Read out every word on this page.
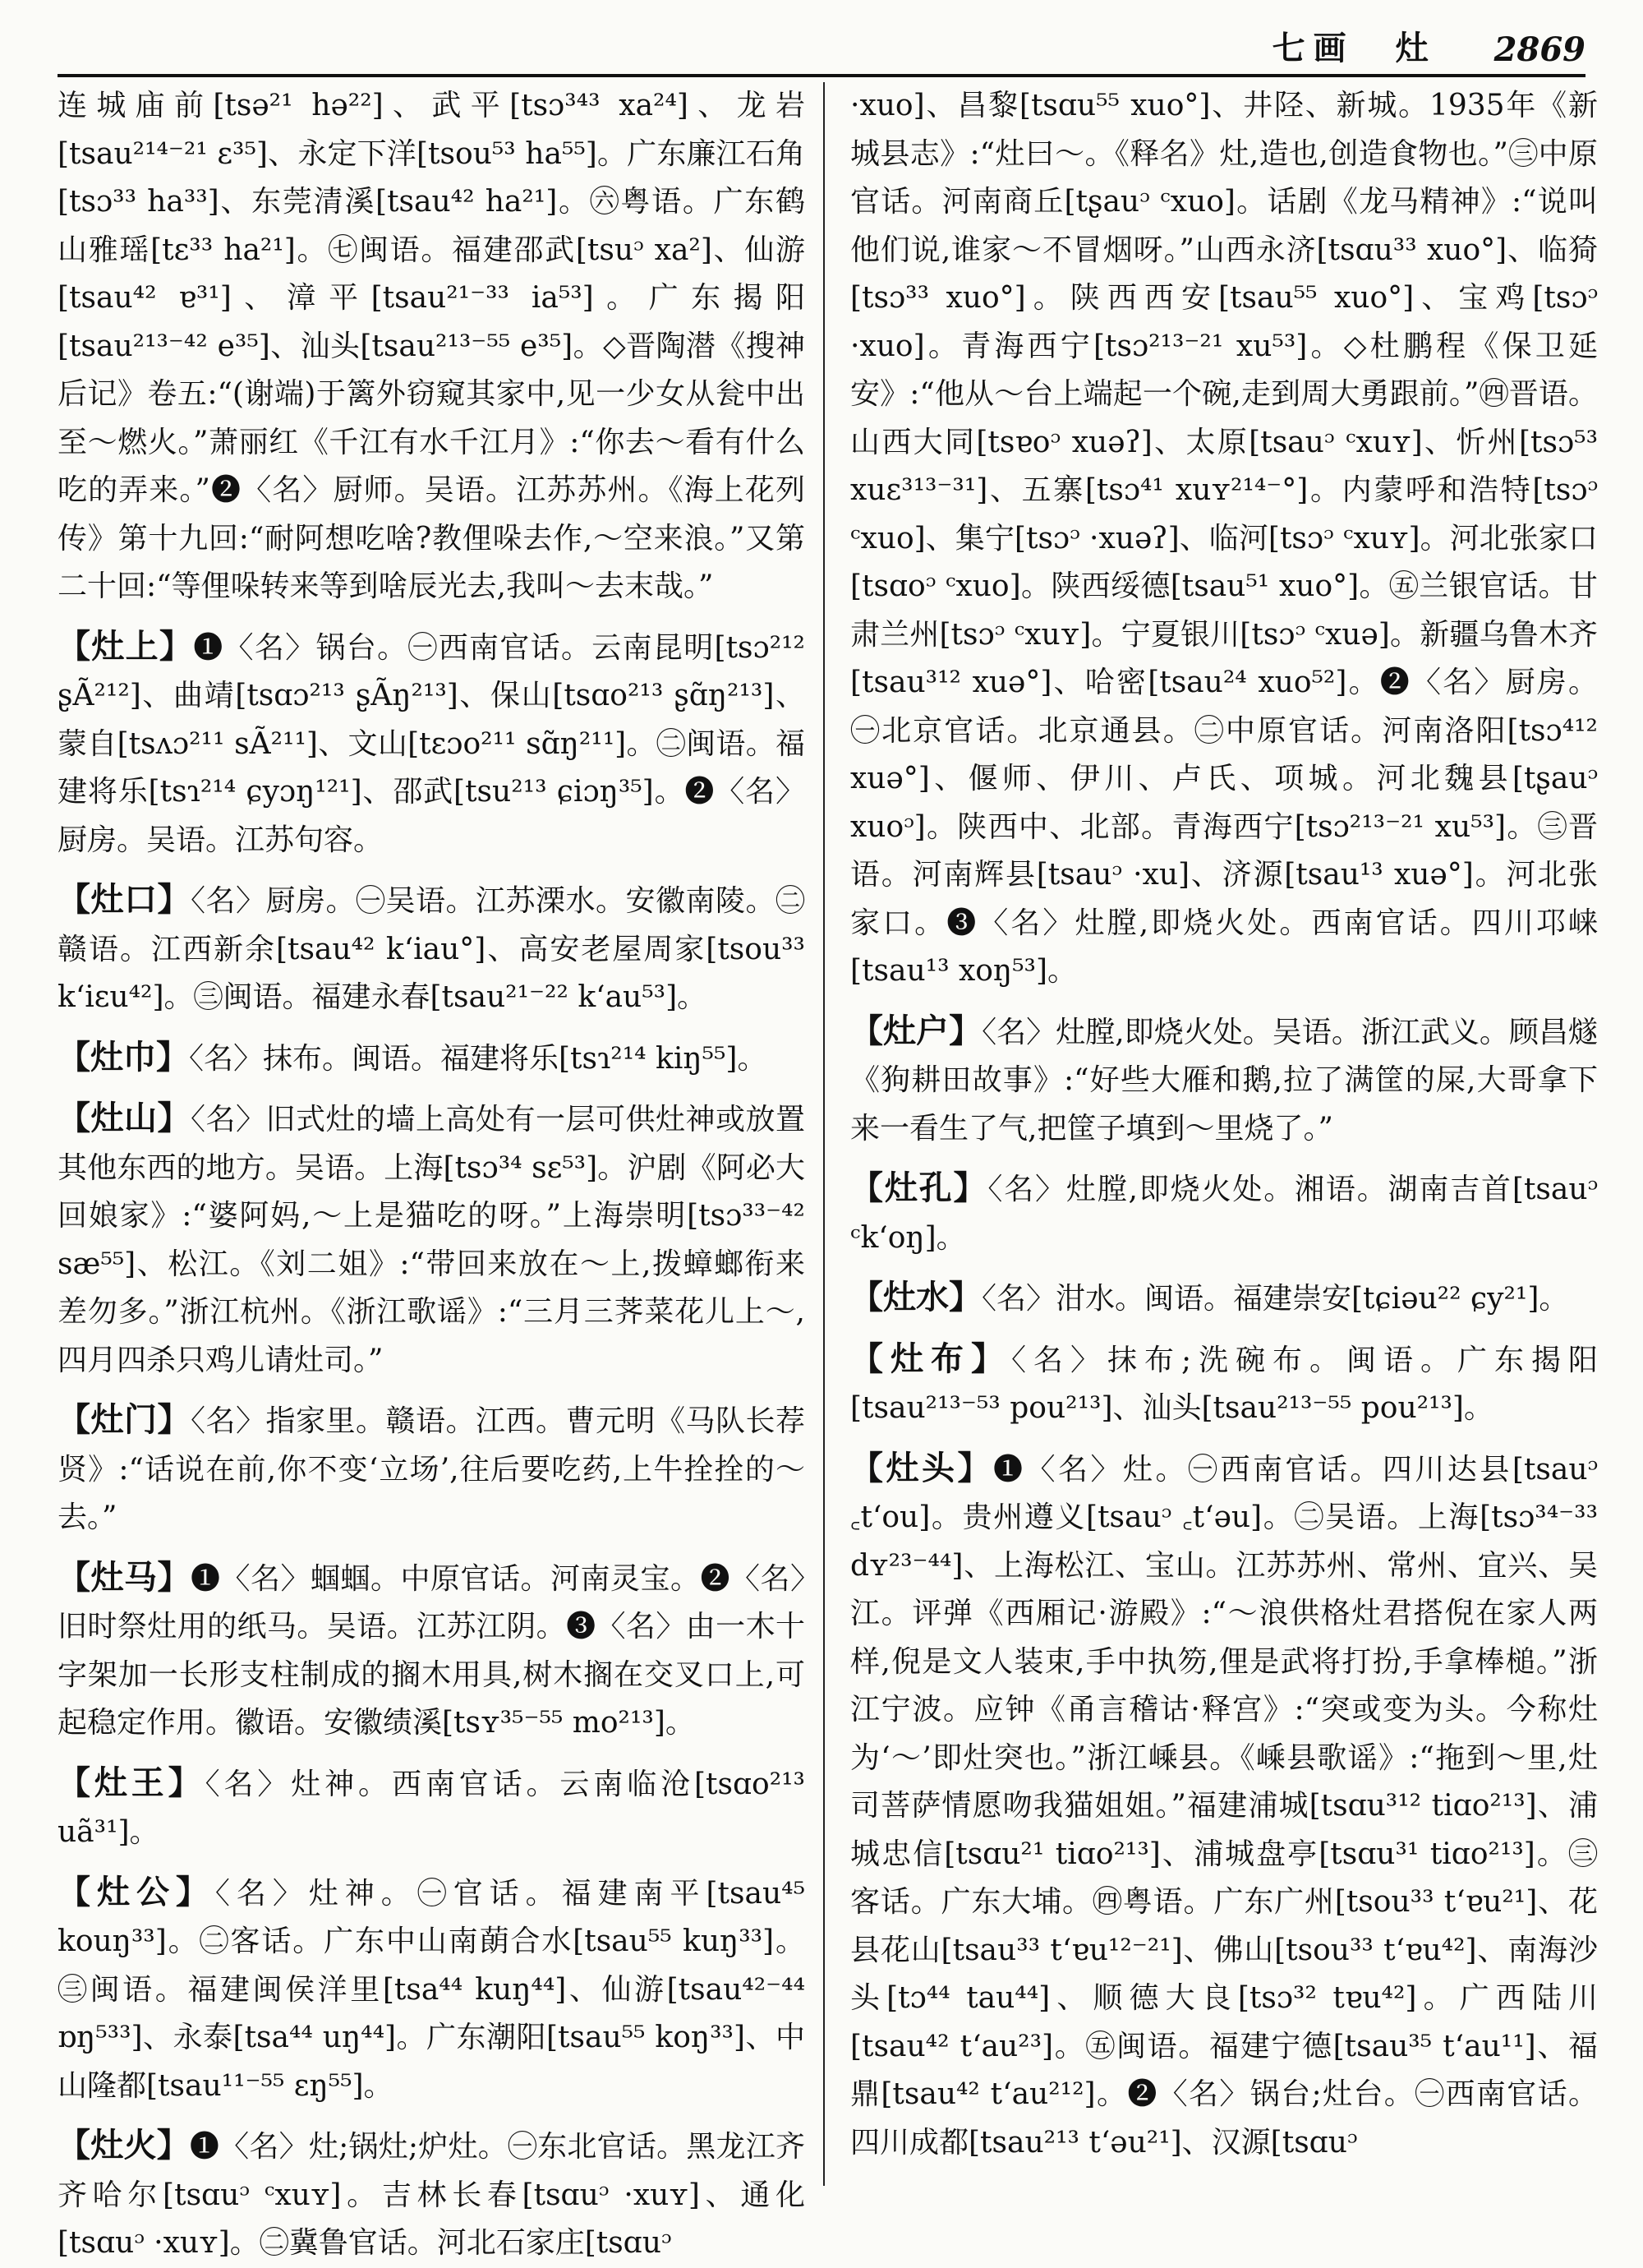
七画　灶 2869
连城庙前[tsə²¹ hə²²]、武平[tsɔ³⁴³ xa²⁴]、龙岩[tsau²¹⁴⁻²¹ ɛ³⁵]、永定下洋[tsou⁵³ ha⁵⁵]。广东廉江石角[tsɔ³³ ha³³]、东莞清溪[tsau⁴² ha²¹]。㊅粤语。广东鹤山雅瑶[tɛ³³ ha²¹]。㊆闽语。福建邵武[tsuᵓ xa²]、仙游[tsau⁴² ɐ³¹]、漳平[tsau²¹⁻³³ ia⁵³]。广东揭阳[tsau²¹³⁻⁴² e³⁵]、汕头[tsau²¹³⁻⁵⁵ e³⁵]。◇晋陶潜《搜神后记》卷五:“(谢端)于篱外窃窥其家中,见一少女从瓮中出至～燃火。”萧丽红《千江有水千江月》:“你去～看有什么吃的弄来。”❷〈名〉厨师。吴语。江苏苏州。《海上花列传》第十九回:“耐阿想吃啥?教俚哚去作,～空来浪。”又第二十回:“等俚哚转来等到啥辰光去,我叫～去末哉。”
【灶上】❶〈名〉锅台。㊀西南官话。云南昆明[tsɔ²¹² ʂÃ²¹²]、曲靖[tsɑɔ²¹³ ʂÃŋ²¹³]、保山[tsɑo²¹³ ʂɑ̃ŋ²¹³]、蒙自[tsʌɔ²¹¹ sÃ²¹¹]、文山[tɛɔo²¹¹ sɑ̃ŋ²¹¹]。㊁闽语。福建将乐[tsɿ²¹⁴ ɕyɔŋ¹²¹]、邵武[tsu²¹³ ɕiɔŋ³⁵]。❷〈名〉厨房。吴语。江苏句容。
【灶口】〈名〉厨房。㊀吴语。江苏溧水。安徽南陵。㊁赣语。江西新余[tsau⁴² kʻiau°]、高安老屋周家[tsou³³ kʻiɛu⁴²]。㊂闽语。福建永春[tsau²¹⁻²² kʻau⁵³]。
【灶巾】〈名〉抹布。闽语。福建将乐[tsɿ²¹⁴ kiŋ⁵⁵]。
【灶山】〈名〉旧式灶的墙上高处有一层可供灶神或放置其他东西的地方。吴语。上海[tsɔ³⁴ sɛ⁵³]。沪剧《阿必大回娘家》:“婆阿妈,～上是猫吃的呀。”上海崇明[tsɔ³³⁻⁴² sæ⁵⁵]、松江。《刘二姐》:“带回来放在～上,拨蟑螂衔来差勿多。”浙江杭州。《浙江歌谣》:“三月三荠菜花儿上～,四月四杀只鸡儿请灶司。”
【灶门】〈名〉指家里。赣语。江西。曹元明《马队长荐贤》:“话说在前,你不变‘立场’,往后要吃药,上牛拴拴的～去。”
【灶马】❶〈名〉蝈蝈。中原官话。河南灵宝。❷〈名〉旧时祭灶用的纸马。吴语。江苏江阴。❸〈名〉由一木十字架加一长形支柱制成的搁木用具,树木搁在交叉口上,可起稳定作用。徽语。安徽绩溪[tsʏ³⁵⁻⁵⁵ mo²¹³]。
【灶王】〈名〉灶神。西南官话。云南临沧[tsɑo²¹³ uã³¹]。
【灶公】〈名〉灶神。㊀官话。福建南平[tsau⁴⁵ kouŋ³³]。㊁客话。广东中山南蓢合水[tsau⁵⁵ kuŋ³³]。㊂闽语。福建闽侯洋里[tsa⁴⁴ kuŋ⁴⁴]、仙游[tsau⁴²⁻⁴⁴ ɒŋ⁵³³]、永泰[tsa⁴⁴ uŋ⁴⁴]。广东潮阳[tsau⁵⁵ koŋ³³]、中山隆都[tsau¹¹⁻⁵⁵ ɛŋ⁵⁵]。
【灶火】❶〈名〉灶;锅灶;炉灶。㊀东北官话。黑龙江齐齐哈尔[tsɑuᵓ ᶜxuʏ]。吉林长春[tsɑuᵓ ·xuʏ]、通化[tsɑuᵓ ·xuʏ]。㊁冀鲁官话。河北石家庄[tsɑuᵓ
·xuo]、昌黎[tsɑu⁵⁵ xuo°]、井陉、新城。1935年《新城县志》:“灶曰～。《释名》灶,造也,创造食物也。”㊂中原官话。河南商丘[tʂauᵓ ᶜxuo]。话剧《龙马精神》:“说叫他们说,谁家～不冒烟呀。”山西永济[tsɑu³³ xuo°]、临猗[tsɔ³³ xuo°]。陕西西安[tsau⁵⁵ xuo°]、宝鸡[tsɔᵓ ·xuo]。青海西宁[tsɔ²¹³⁻²¹ xu⁵³]。◇杜鹏程《保卫延安》:“他从～台上端起一个碗,走到周大勇跟前。”㊃晋语。山西大同[tsɐoᵓ xuəʔ]、太原[tsauᵓ ᶜxuʏ]、忻州[tsɔ⁵³ xuɛ³¹³⁻³¹]、五寨[tsɔ⁴¹ xuʏ²¹⁴⁻°]。内蒙呼和浩特[tsɔᵓ ᶜxuo]、集宁[tsɔᵓ ·xuəʔ]、临河[tsɔᵓ ᶜxuʏ]。河北张家口[tsɑoᵓ ᶜxuo]。陕西绥德[tsau⁵¹ xuo°]。㊄兰银官话。甘肃兰州[tsɔᵓ ᶜxuʏ]。宁夏银川[tsɔᵓ ᶜxuə]。新疆乌鲁木齐[tsau³¹² xuə°]、哈密[tsau²⁴ xuo⁵²]。❷〈名〉厨房。㊀北京官话。北京通县。㊁中原官话。河南洛阳[tsɔ⁴¹² xuə°]、偃师、伊川、卢氏、项城。河北魏县[tʂauᵓ xuoᵓ]。陕西中、北部。青海西宁[tsɔ²¹³⁻²¹ xu⁵³]。㊂晋语。河南辉县[tsauᵓ ·xu]、济源[tsau¹³ xuə°]。河北张家口。❸〈名〉灶膛,即烧火处。西南官话。四川邛崃[tsau¹³ xoŋ⁵³]。
【灶户】〈名〉灶膛,即烧火处。吴语。浙江武义。顾昌燧《狗耕田故事》:“好些大雁和鹅,拉了满筐的屎,大哥拿下来一看生了气,把筐子填到～里烧了。”
【灶孔】〈名〉灶膛,即烧火处。湘语。湖南吉首[tsauᵓ ᶜkʻoŋ]。
【灶水】〈名〉泔水。闽语。福建崇安[tɕiəu²² ɕy²¹]。
【灶布】〈名〉抹布;洗碗布。闽语。广东揭阳[tsau²¹³⁻⁵³ pou²¹³]、汕头[tsau²¹³⁻⁵⁵ pou²¹³]。
【灶头】❶〈名〉灶。㊀西南官话。四川达县[tsauᵓ ꜀tʻou]。贵州遵义[tsauᵓ ꜀tʻəu]。㊁吴语。上海[tsɔ³⁴⁻³³ dʏ²³⁻⁴⁴]、上海松江、宝山。江苏苏州、常州、宜兴、吴江。评弹《西厢记·游殿》:“～浪供格灶君搭倪在家人两样,倪是文人装束,手中执笏,俚是武将打扮,手拿棒槌。”浙江宁波。应钟《甬言稽诂·释宫》:“突或变为头。今称灶为‘～’即灶突也。”浙江嵊县。《嵊县歌谣》:“拖到～里,灶司菩萨情愿吻我猫姐姐。”福建浦城[tsɑu³¹² tiɑo²¹³]、浦城忠信[tsɑu²¹ tiɑo²¹³]、浦城盘亭[tsɑu³¹ tiɑo²¹³]。㊂客话。广东大埔。㊃粤语。广东广州[tsou³³ tʻɐu²¹]、花县花山[tsau³³ tʻɐu¹²⁻²¹]、佛山[tsou³³ tʻɐu⁴²]、南海沙头[tɔ⁴⁴ tau⁴⁴]、顺德大良[tsɔ³² tɐu⁴²]。广西陆川[tsau⁴² tʻau²³]。㊄闽语。福建宁德[tsau³⁵ tʻau¹¹]、福鼎[tsau⁴² tʻau²¹²]。❷〈名〉锅台;灶台。㊀西南官话。四川成都[tsau²¹³ tʻəu²¹]、汉源[tsɑuᵓ
